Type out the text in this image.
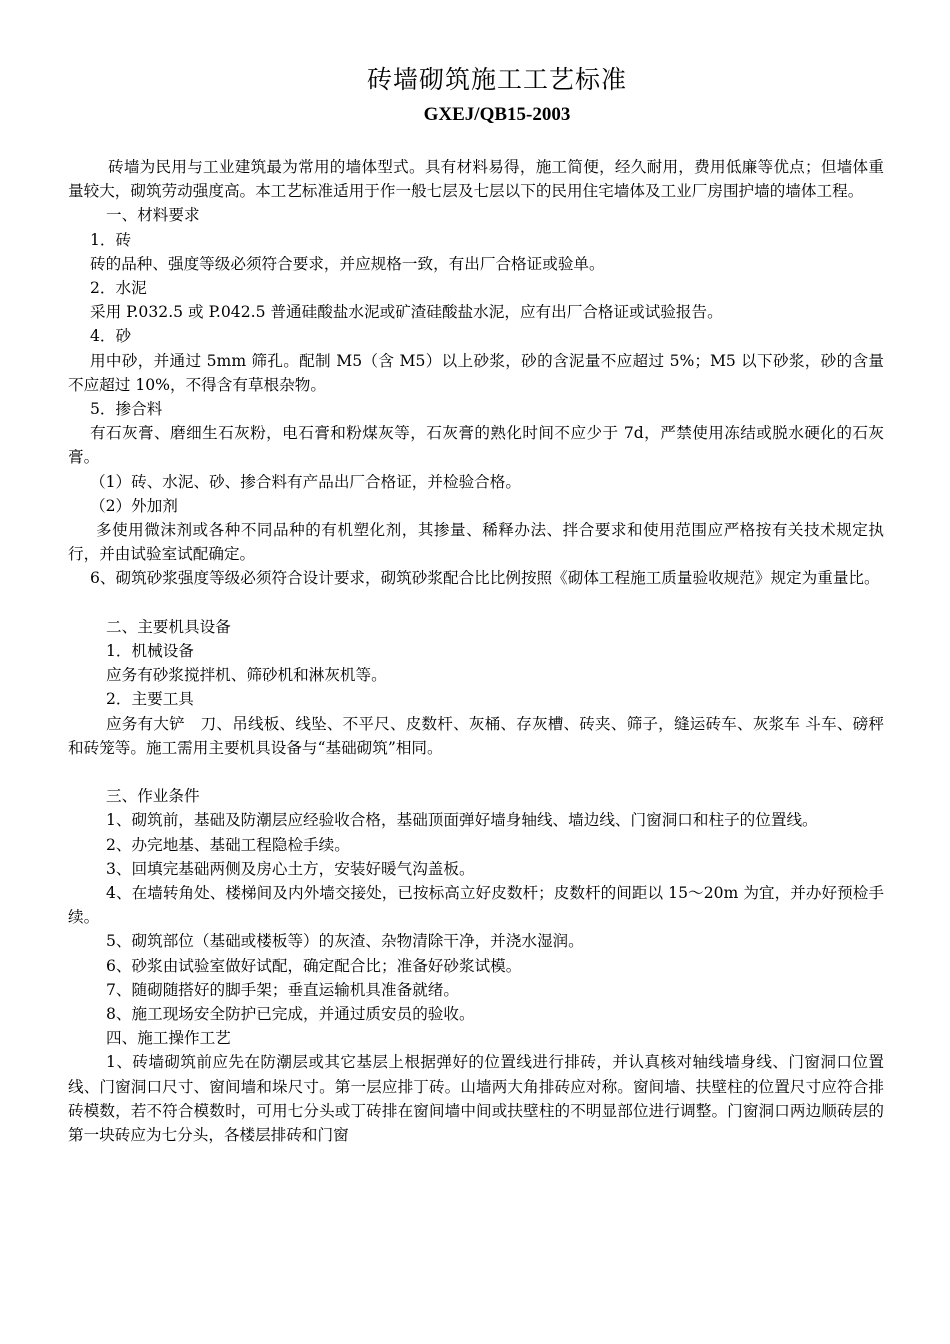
砖墙砌筑施工工艺标准
GXEJ/QB15-2003

砖墙为民用与工业建筑最为常用的墙体型式。具有材料易得，施工简便，经久耐用，费用低廉等优点；但墙体重量较大，砌筑劳动强度高。本工艺标准适用于作一般七层及七层以下的民用住宅墙体及工业厂房围护墙的墙体工程。

一、材料要求

1．砖

砖的品种、强度等级必须符合要求，并应规格一致，有出厂合格证或验单。

2．水泥

采用 P.032.5 或 P.042.5 普通硅酸盐水泥或矿渣硅酸盐水泥，应有出厂合格证或试验报告。

4．砂

用中砂，并通过 5mm 筛孔。配制 M5（含 M5）以上砂浆，砂的含泥量不应超过 5%；M5 以下砂浆，砂的含量不应超过 10%，不得含有草根杂物。

5．掺合料

有石灰膏、磨细生石灰粉，电石膏和粉煤灰等，石灰膏的熟化时间不应少于 7d，严禁使用冻结或脱水硬化的石灰膏。

（1）砖、水泥、砂、掺合料有产品出厂合格证，并检验合格。

（2）外加剂

多使用微沫剂或各种不同品种的有机塑化剂，其掺量、稀释办法、拌合要求和使用范围应严格按有关技术规定执行，并由试验室试配确定。

6、砌筑砂浆强度等级必须符合设计要求，砌筑砂浆配合比比例按照《砌体工程施工质量验收规范》规定为重量比。

二、主要机具设备

1．机械设备

应务有砂浆搅拌机、筛砂机和淋灰机等。

2．主要工具

应务有大铲　刀、吊线板、线坠、不平尺、皮数杆、灰桶、存灰槽、砖夹、筛子，缝运砖车、灰浆车 斗车、磅秤和砖笼等。施工需用主要机具设备与“基础砌筑”相同。

三、作业条件

1、砌筑前，基础及防潮层应经验收合格，基础顶面弹好墙身轴线、墙边线、门窗洞口和柱子的位置线。

2、办完地基、基础工程隐检手续。

3、回填完基础两侧及房心土方，安装好暖气沟盖板。

4、在墙转角处、楼梯间及内外墙交接处，已按标高立好皮数杆；皮数杆的间距以 15～20m 为宜，并办好预检手续。

5、砌筑部位（基础或楼板等）的灰渣、杂物清除干净，并浇水湿润。

6、砂浆由试验室做好试配，确定配合比；准备好砂浆试模。

7、随砌随搭好的脚手架；垂直运输机具准备就绪。

8、施工现场安全防护已完成，并通过质安员的验收。

四、施工操作工艺

1、砖墙砌筑前应先在防潮层或其它基层上根据弹好的位置线进行排砖，并认真核对轴线墙身线、门窗洞口位置线、门窗洞口尺寸、窗间墙和垛尺寸。第一层应排丁砖。山墙两大角排砖应对称。窗间墙、扶壁柱的位置尺寸应符合排砖模数，若不符合模数时，可用七分头或丁砖排在窗间墙中间或扶壁柱的不明显部位进行调整。门窗洞口两边顺砖层的第一块砖应为七分头，各楼层排砖和门窗
